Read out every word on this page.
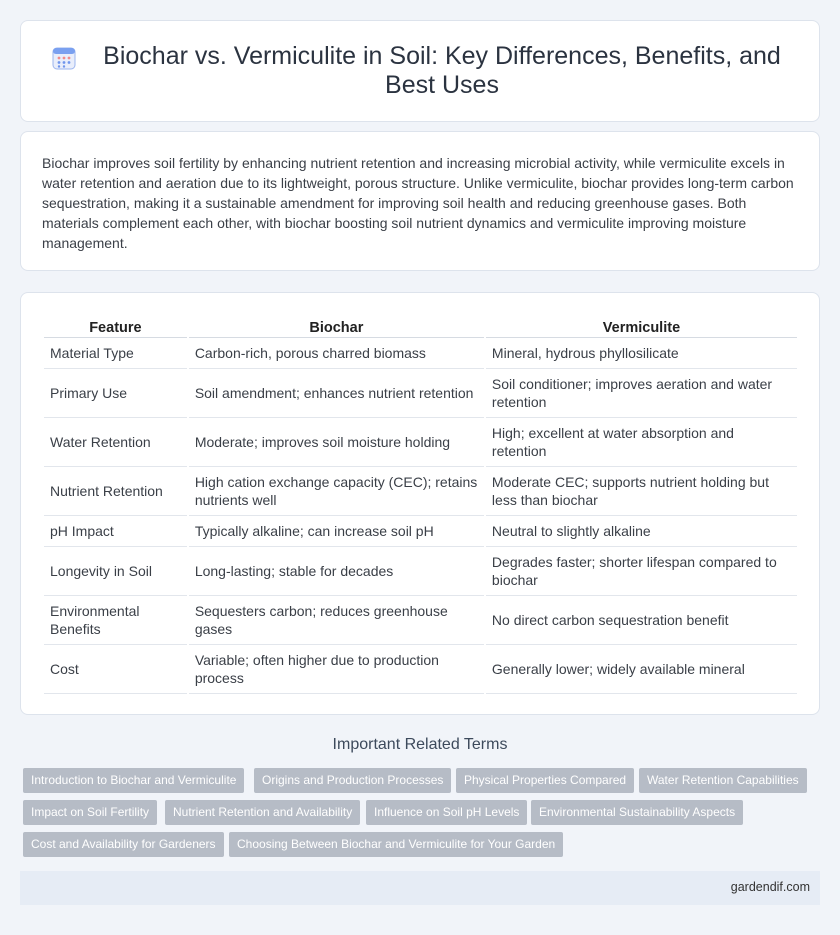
Biochar vs. Vermiculite in Soil: Key Differences, Benefits, and Best Uses

Biochar improves soil fertility by enhancing nutrient retention and increasing microbial activity, while vermiculite excels in water retention and aeration due to its lightweight, porous structure. Unlike vermiculite, biochar provides long-term carbon sequestration, making it a sustainable amendment for improving soil health and reducing greenhouse gases. Both materials complement each other, with biochar boosting soil nutrient dynamics and vermiculite improving moisture management.

Feature	Biochar	Vermiculite
Material Type	Carbon-rich, porous charred biomass	Mineral, hydrous phyllosilicate
Primary Use	Soil amendment; enhances nutrient retention	Soil conditioner; improves aeration and water retention
Water Retention	Moderate; improves soil moisture holding	High; excellent at water absorption and retention
Nutrient Retention	High cation exchange capacity (CEC); retains nutrients well	Moderate CEC; supports nutrient holding but less than biochar
pH Impact	Typically alkaline; can increase soil pH	Neutral to slightly alkaline
Longevity in Soil	Long-lasting; stable for decades	Degrades faster; shorter lifespan compared to biochar
Environmental Benefits	Sequesters carbon; reduces greenhouse gases	No direct carbon sequestration benefit
Cost	Variable; often higher due to production process	Generally lower; widely available mineral
Important Related Terms
Introduction to Biochar and Vermiculite	Origins and Production Processes	Physical Properties Compared	Water Retention Capabilities
Impact on Soil Fertility	Nutrient Retention and Availability	Influence on Soil pH Levels	Environmental Sustainability Aspects
Cost and Availability for Gardeners	Choosing Between Biochar and Vermiculite for Your Garden
gardendif.com
